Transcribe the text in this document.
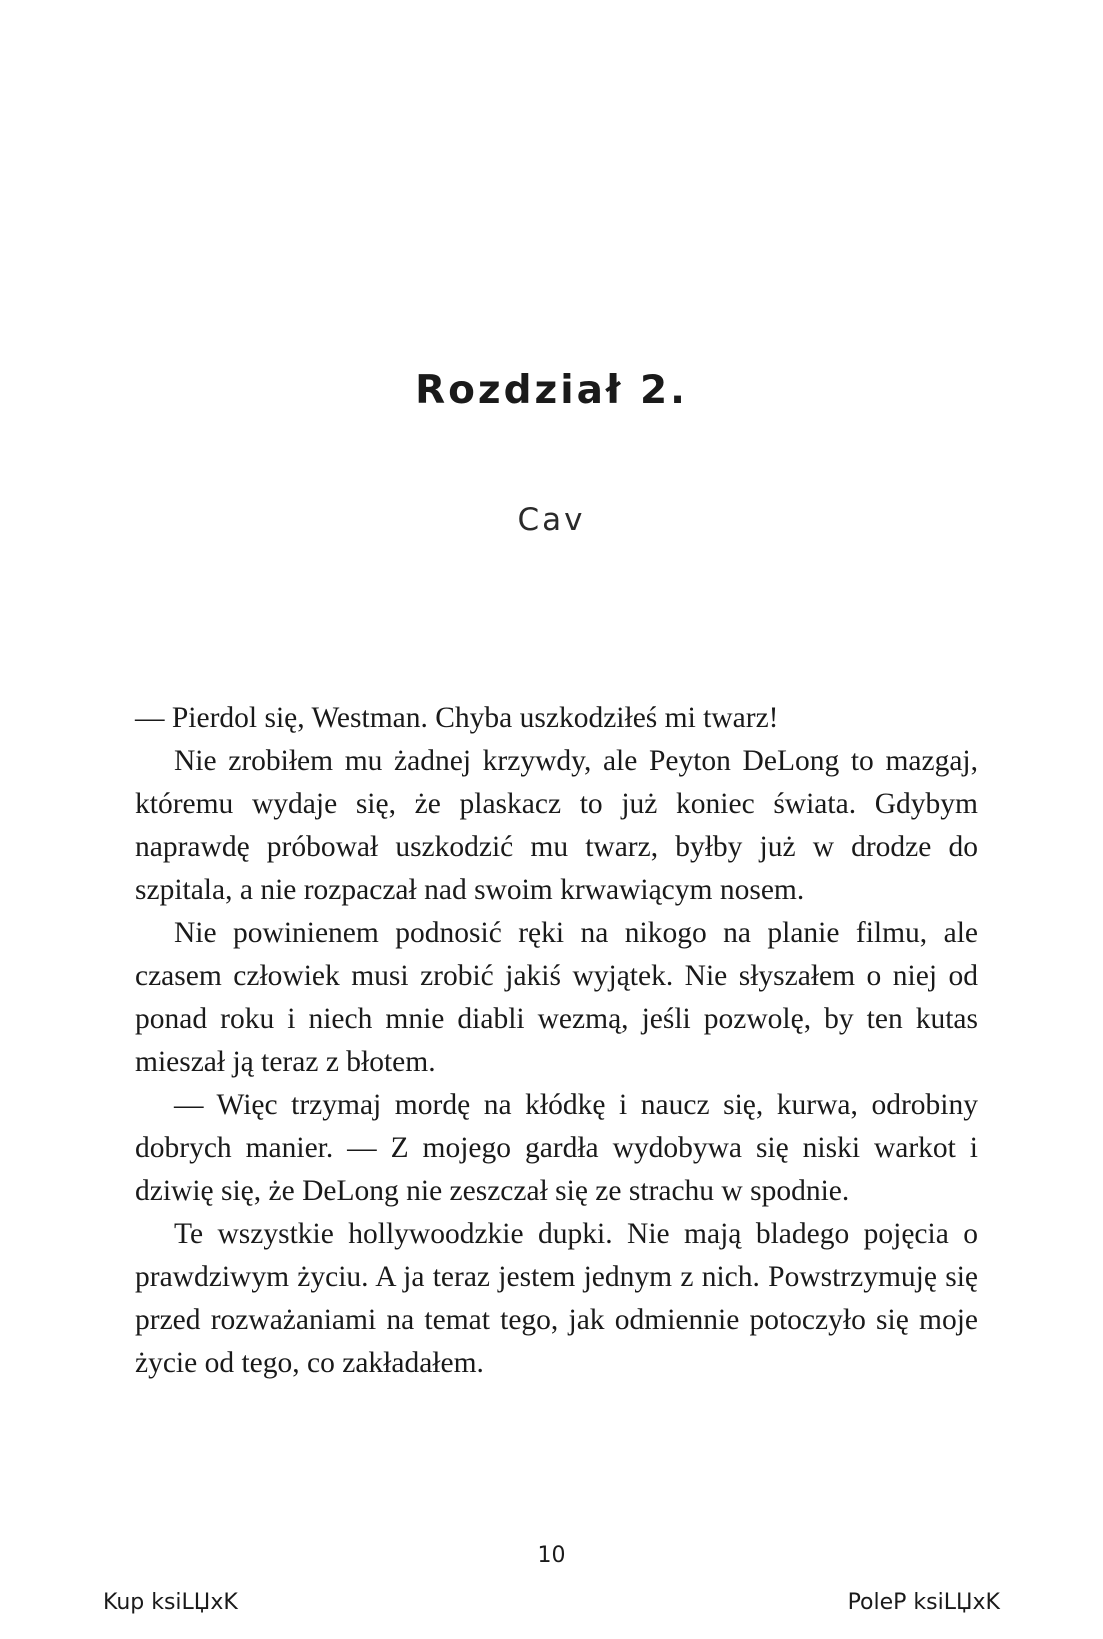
Rozdział 2.
Cav

— Pierdol się, Westman. Chyba uszkodziłeś mi twarz!

Nie zrobiłem mu żadnej krzywdy, ale Peyton DeLong to mazgaj, któremu wydaje się, że plaskacz to już koniec świata. Gdybym naprawdę próbował uszkodzić mu twarz, byłby już w drodze do szpitala, a nie rozpaczał nad swoim krwawiącym nosem.

Nie powinienem podnosić ręki na nikogo na planie filmu, ale czasem człowiek musi zrobić jakiś wyjątek. Nie słyszałem o niej od ponad roku i niech mnie diabli wezmą, jeśli pozwolę, by ten kutas mieszał ją teraz z błotem.

— Więc trzymaj mordę na kłódkę i naucz się, kurwa, odrobiny dobrych manier. — Z mojego gardła wydobywa się niski warkot i dziwię się, że DeLong nie zeszczał się ze strachu w spodnie.

Te wszystkie hollywoodzkie dupki. Nie mają bladego pojęcia o prawdziwym życiu. A ja teraz jestem jednym z nich. Powstrzymuję się przed rozważaniami na temat tego, jak odmiennie potoczyło się moje życie od tego, co zakładałem.

10
Kup ksiLЏxK	PoleP ksiLЏxK
